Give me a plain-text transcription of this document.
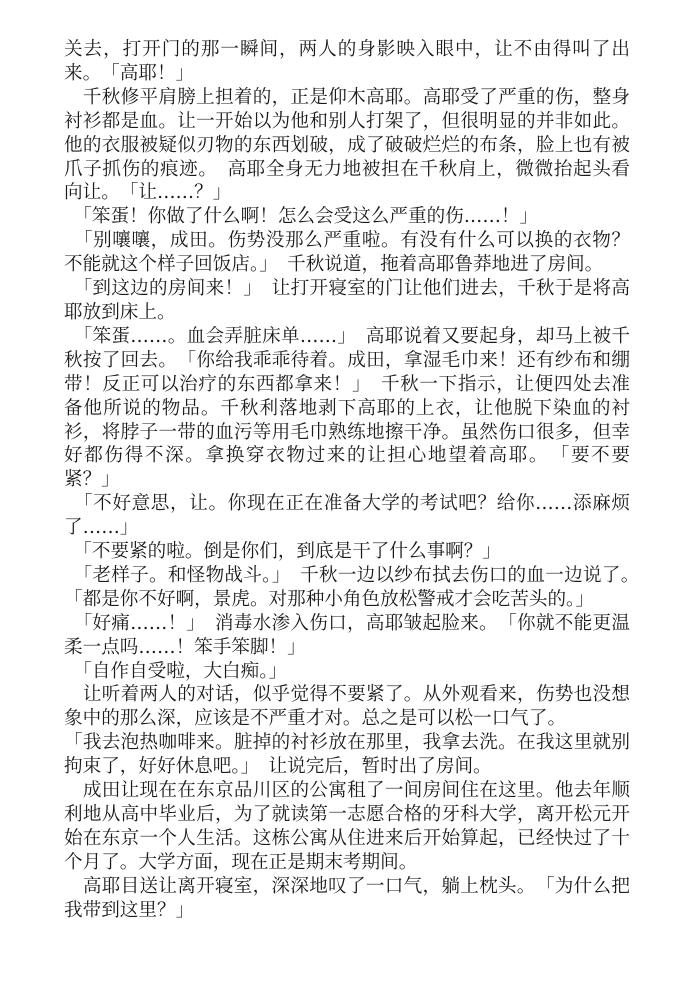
关去，打开门的那一瞬间，两人的身影映入眼中，让不由得叫了出来。　「高耶！」

　千秋修平肩膀上担着的，正是仰木高耶。高耶受了严重的伤，整身衬衫都是血。让一开始以为他和别人打架了，但很明显的并非如此。他的衣服被疑似刃物的东西划破，成了破破烂烂的布条，脸上也有被爪子抓伤的痕迹。　高耶全身无力地被担在千秋肩上，微微抬起头看向让。　「让……？」

　「笨蛋！你做了什么啊！怎么会受这么严重的伤……！」

　「别嚷嚷，成田。伤势没那么严重啦。有没有什么可以换的衣物？不能就这个样子回饭店。」　千秋说道，拖着高耶鲁莽地进了房间。

　「到这边的房间来！」　让打开寝室的门让他们进去，千秋于是将高耶放到床上。

　「笨蛋……。血会弄脏床单……」　高耶说着又要起身，却马上被千秋按了回去。　「你给我乖乖待着。成田，拿湿毛巾来！还有纱布和绷带！反正可以治疗的东西都拿来！」　千秋一下指示，让便四处去准备他所说的物品。千秋利落地剥下高耶的上衣，让他脱下染血的衬衫，将脖子一带的血污等用毛巾熟练地擦干净。虽然伤口很多，但幸好都伤得不深。拿换穿衣物过来的让担心地望着高耶。　「要不要紧？」

　「不好意思，让。你现在正在准备大学的考试吧？给你……添麻烦了……」

　「不要紧的啦。倒是你们，到底是干了什么事啊？」

　「老样子。和怪物战斗。」　千秋一边以纱布拭去伤口的血一边说了。　「都是你不好啊，景虎。对那种小角色放松警戒才会吃苦头的。」

　「好痛……！」　消毒水渗入伤口，高耶皱起脸来。　「你就不能更温柔一点吗……！笨手笨脚！」

　「自作自受啦，大白痴。」

　让听着两人的对话，似乎觉得不要紧了。从外观看来，伤势也没想象中的那么深，应该是不严重才对。总之是可以松一口气了。

「我去泡热咖啡来。脏掉的衬衫放在那里，我拿去洗。在我这里就别拘束了，好好休息吧。」　让说完后，暂时出了房间。

　成田让现在在东京品川区的公寓租了一间房间住在这里。他去年顺利地从高中毕业后，为了就读第一志愿合格的牙科大学，离开松元开始在东京一个人生活。这栋公寓从住进来后开始算起，已经快过了十个月了。大学方面，现在正是期末考期间。

　高耶目送让离开寝室，深深地叹了一口气，躺上枕头。　「为什么把我带到这里？」
